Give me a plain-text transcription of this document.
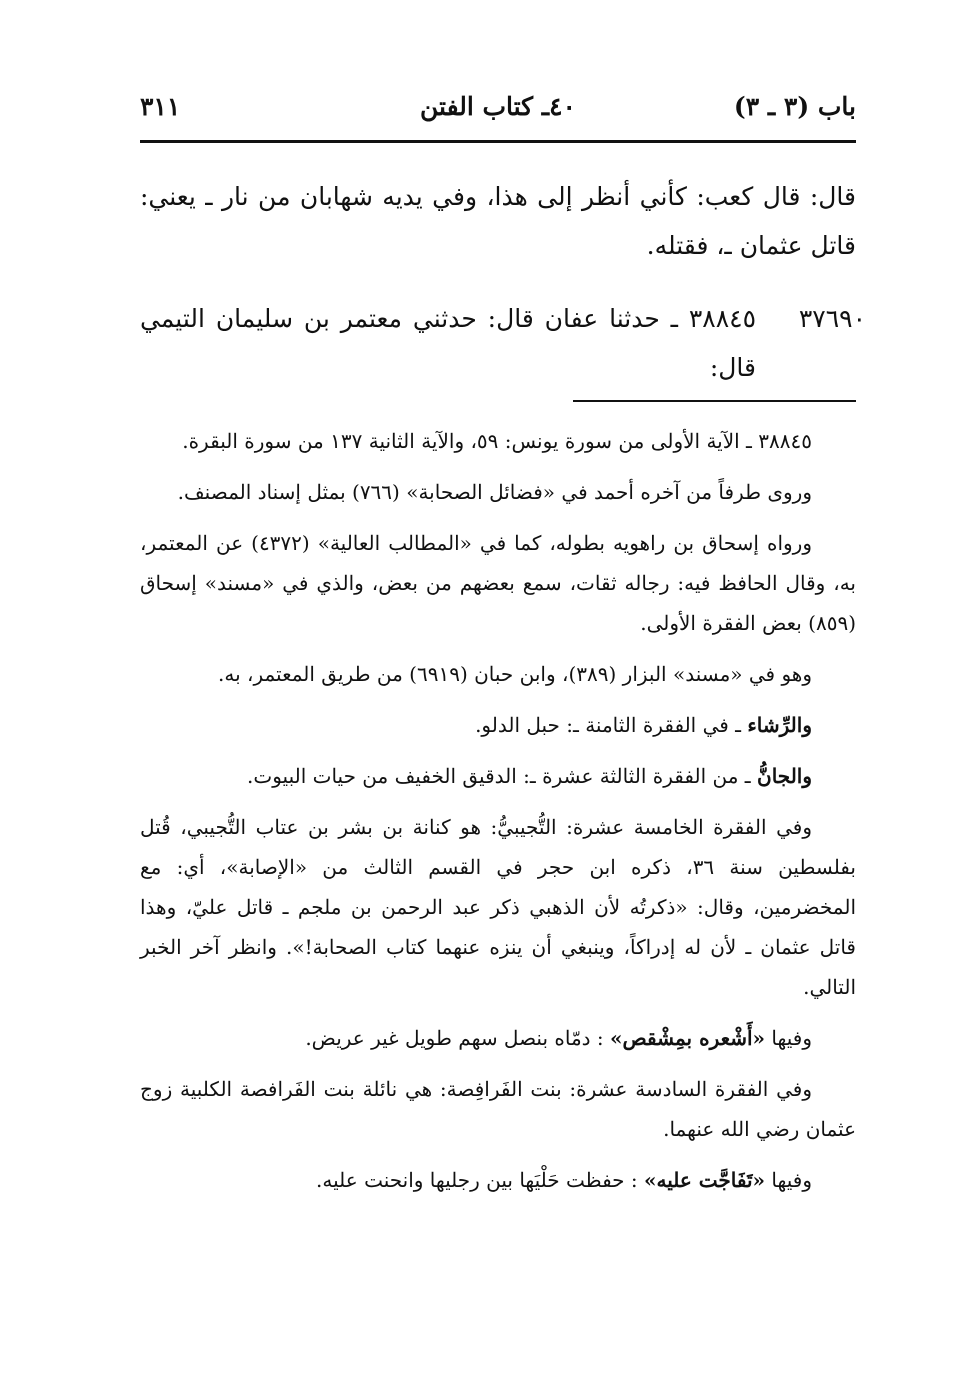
باب (٣ ـ ٣)
٤٠ـ كتاب الفتن
٣١١

قال: قال كعب: كأني أنظر إلى هذا، وفي يديه شهابان من نار ـ يعني: قاتل عثمان ـ، فقتله.

٣٧٦٩٠

٣٨٨٤٥ ـ حدثنا عفان قال: حدثني معتمر بن سليمان التيمي قال:

٣٨٨٤٥ ـ الآية الأولى من سورة يونس: ٥٩، والآية الثانية ١٣٧ من سورة البقرة.

وروى طرفاً من آخره أحمد في «فضائل الصحابة» (٧٦٦) بمثل إسناد المصنف.

ورواه إسحاق بن راهويه بطوله، كما في «المطالب العالية» (٤٣٧٢) عن المعتمر، به، وقال الحافظ فيه: رجاله ثقات، سمع بعضهم من بعض، والذي في «مسند» إسحاق (٨٥٩) بعض الفقرة الأولى.

وهو في «مسند» البزار (٣٨٩)، وابن حبان (٦٩١٩) من طريق المعتمر، به.

والرِّشاء ـ في الفقرة الثامنة ـ: حبل الدلو.

والجانُّ ـ من الفقرة الثالثة عشرة ـ: الدقيق الخفيف من حيات البيوت.

وفي الفقرة الخامسة عشرة: التُّجيبيُّ: هو كنانة بن بشر بن عتاب التُّجيبي، قُتل بفلسطين سنة ٣٦، ذكره ابن حجر في القسم الثالث من «الإصابة»، أي: مع المخضرمين، وقال: «ذكرتُه لأن الذهبي ذكر عبد الرحمن بن ملجم ـ قاتل عليّ، وهذا قاتل عثمان ـ لأن له إدراكاً، وينبغي أن ينزه عنهما كتاب الصحابة!». وانظر آخر الخبر التالي.

وفيها «أَشْعره بمِشْقص» : دمّاه بنصل سهم طويل غير عريض.

وفي الفقرة السادسة عشرة: بنت الفَرافِصة: هي نائلة بنت الفَرافصة الكلبية زوج عثمان رضي الله عنهما.

وفيها «تَفَاجَّت عليه» : حفظت حَلْيَها بين رجليها وانحنت عليه.
